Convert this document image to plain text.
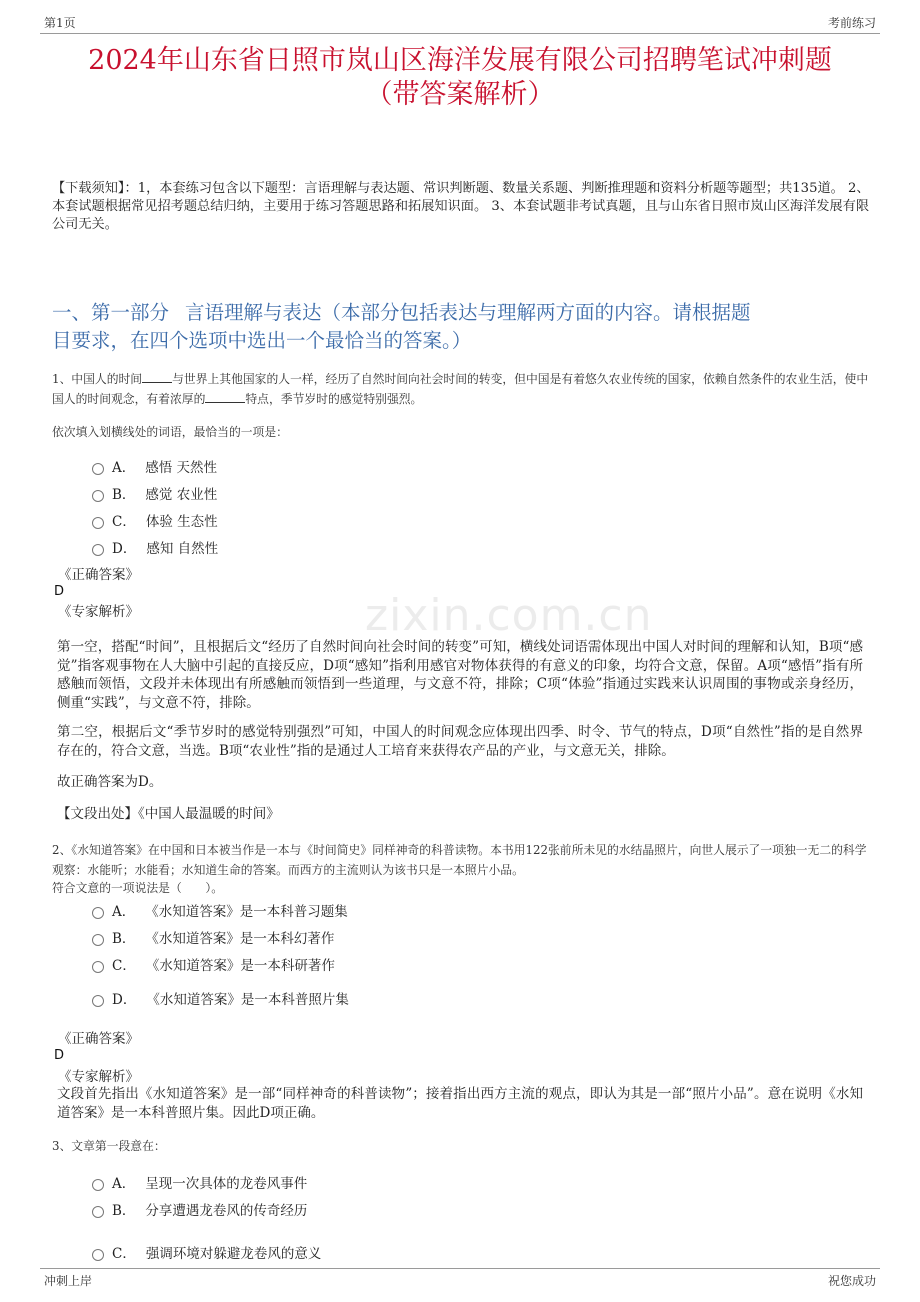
第1页	考前练习
2024年山东省日照市岚山区海洋发展有限公司招聘笔试冲刺题
（带答案解析）
【下载须知】：1，本套练习包含以下题型：言语理解与表达题、常识判断题、数量关系题、判断推理题和资料分析题等题型；共135道。 2、本套试题根据常见招考题总结归纳，主要用于练习答题思路和拓展知识面。 3、本套试题非考试真题，且与山东省日照市岚山区海洋发展有限公司无关。
zixin.com.cn
一、第一部分 言语理解与表达（本部分包括表达与理解两方面的内容。请根据题
目要求，在四个选项中选出一个最恰当的答案。）
1、中国人的时间	与世界上其他国家的人一样，经历了自然时间向社会时间的转变，但中国是有着悠久农业传统的国家，依赖自然条件的农业生活，使中国人的时间观念，有着浓厚的	特点，季节岁时的感觉特别强烈。
依次填入划横线处的词语，最恰当的一项是：
A． 感悟 天然性
B． 感觉 农业性
C． 体验 生态性
D． 感知 自然性
《正确答案》
D
《专家解析》
第一空，搭配“时间”，且根据后文“经历了自然时间向社会时间的转变”可知，横线处词语需体现出中国人对时间的理解和认知，B项“感觉”指客观事物在人大脑中引起的直接反应，D项“感知”指利用感官对物体获得的有意义的印象，均符合文意，保留。A项“感悟”指有所感触而领悟，文段并未体现出有所感触而领悟到一些道理，与文意不符，排除；C项“体验”指通过实践来认识周围的事物或亲身经历，侧重“实践”，与文意不符，排除。
第二空，根据后文“季节岁时的感觉特别强烈”可知，中国人的时间观念应体现出四季、时令、节气的特点，D项“自然性”指的是自然界存在的，符合文意，当选。B项“农业性”指的是通过人工培育来获得农产品的产业，与文意无关，排除。
故正确答案为D。
【文段出处】《中国人最温暖的时间》
2、《水知道答案》在中国和日本被当作是一本与《时间简史》同样神奇的科普读物。本书用122张前所未见的水结晶照片，向世人展示了一项独一无二的科学观察：水能听；水能看；水知道生命的答案。而西方的主流则认为该书只是一本照片小品。
符合文意的一项说法是（　　）。
A． 《水知道答案》是一本科普习题集
B． 《水知道答案》是一本科幻著作
C． 《水知道答案》是一本科研著作
D． 《水知道答案》是一本科普照片集
《正确答案》
D
《专家解析》
文段首先指出《水知道答案》是一部“同样神奇的科普读物”；接着指出西方主流的观点，即认为其是一部“照片小品”。意在说明《水知道答案》是一本科普照片集。因此D项正确。
3、文章第一段意在：
A． 呈现一次具体的龙卷风事件
B． 分享遭遇龙卷风的传奇经历
C． 强调环境对躲避龙卷风的意义
冲刺上岸	祝您成功
